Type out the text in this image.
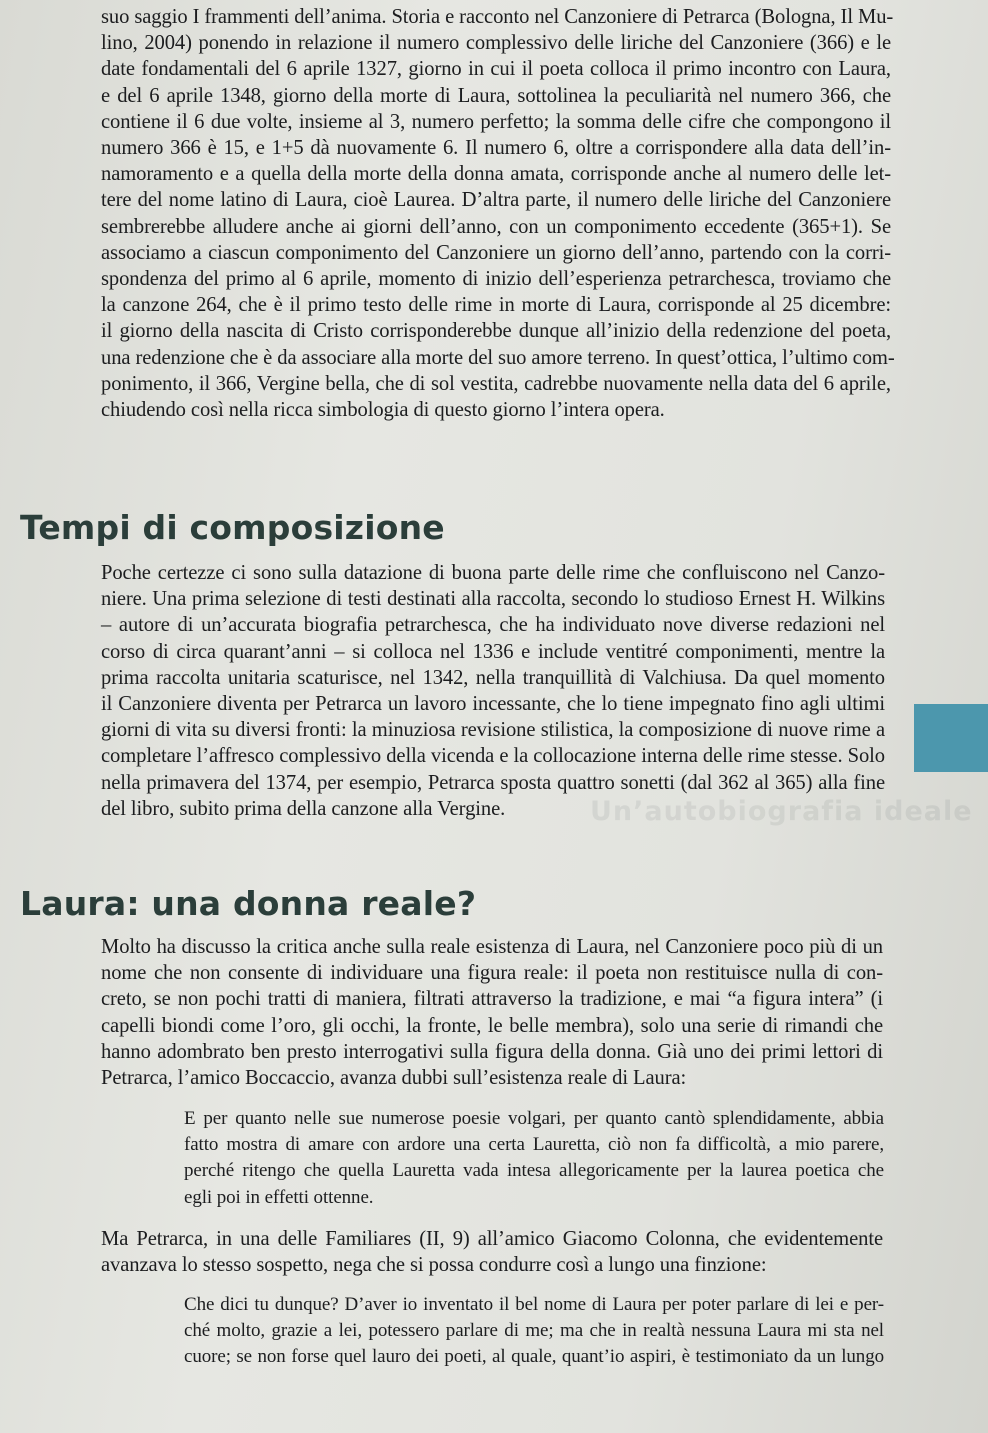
Un’autobiografia ideale

suo saggio I frammenti dell’anima. Storia e racconto nel Canzoniere di Petrarca (Bologna, Il Mu-
lino, 2004) ponendo in relazione il numero complessivo delle liriche del Canzoniere (366) e le
date fondamentali del 6 aprile 1327, giorno in cui il poeta colloca il primo incontro con Laura,
e del 6 aprile 1348, giorno della morte di Laura, sottolinea la peculiarità nel numero 366, che
contiene il 6 due volte, insieme al 3, numero perfetto; la somma delle cifre che compongono il
numero 366 è 15, e 1+5 dà nuovamente 6. Il numero 6, oltre a corrispondere alla data dell’in-
namoramento e a quella della morte della donna amata, corrisponde anche al numero delle let-
tere del nome latino di Laura, cioè Laurea. D’altra parte, il numero delle liriche del Canzoniere
sembrerebbe alludere anche ai giorni dell’anno, con un componimento eccedente (365+1). Se
associamo a ciascun componimento del Canzoniere un giorno dell’anno, partendo con la corri-
spondenza del primo al 6 aprile, momento di inizio dell’esperienza petrarchesca, troviamo che
la canzone 264, che è il primo testo delle rime in morte di Laura, corrisponde al 25 dicembre:
il giorno della nascita di Cristo corrisponderebbe dunque all’inizio della redenzione del poeta,
una redenzione che è da associare alla morte del suo amore terreno. In quest’ottica, l’ultimo com-
ponimento, il 366, Vergine bella, che di sol vestita, cadrebbe nuovamente nella data del 6 aprile,
chiudendo così nella ricca simbologia di questo giorno l’intera opera.

Tempi di composizione

Poche certezze ci sono sulla datazione di buona parte delle rime che confluiscono nel Canzo-
niere. Una prima selezione di testi destinati alla raccolta, secondo lo studioso Ernest H. Wilkins
– autore di un’accurata biografia petrarchesca, che ha individuato nove diverse redazioni nel
corso di circa quarant’anni – si colloca nel 1336 e include ventitré componimenti, mentre la
prima raccolta unitaria scaturisce, nel 1342, nella tranquillità di Valchiusa. Da quel momento
il Canzoniere diventa per Petrarca un lavoro incessante, che lo tiene impegnato fino agli ultimi
giorni di vita su diversi fronti: la minuziosa revisione stilistica, la composizione di nuove rime a
completare l’affresco complessivo della vicenda e la collocazione interna delle rime stesse. Solo
nella primavera del 1374, per esempio, Petrarca sposta quattro sonetti (dal 362 al 365) alla fine
del libro, subito prima della canzone alla Vergine.

Laura: una donna reale?

Molto ha discusso la critica anche sulla reale esistenza di Laura, nel Canzoniere poco più di un
nome che non consente di individuare una figura reale: il poeta non restituisce nulla di con-
creto, se non pochi tratti di maniera, filtrati attraverso la tradizione, e mai “a figura intera” (i
capelli biondi come l’oro, gli occhi, la fronte, le belle membra), solo una serie di rimandi che
hanno adombrato ben presto interrogativi sulla figura della donna. Già uno dei primi lettori di
Petrarca, l’amico Boccaccio, avanza dubbi sull’esistenza reale di Laura:

E per quanto nelle sue numerose poesie volgari, per quanto cantò splendidamente, abbia
fatto mostra di amare con ardore una certa Lauretta, ciò non fa difficoltà, a mio parere,
perché ritengo che quella Lauretta vada intesa allegoricamente per la laurea poetica che
egli poi in effetti ottenne.

Ma Petrarca, in una delle Familiares (II, 9) all’amico Giacomo Colonna, che evidentemente
avanzava lo stesso sospetto, nega che si possa condurre così a lungo una finzione:

Che dici tu dunque? D’aver io inventato il bel nome di Laura per poter parlare di lei e per-
ché molto, grazie a lei, potessero parlare di me; ma che in realtà nessuna Laura mi sta nel
cuore; se non forse quel lauro dei poeti, al quale, quant’io aspiri, è testimoniato da un lungo
